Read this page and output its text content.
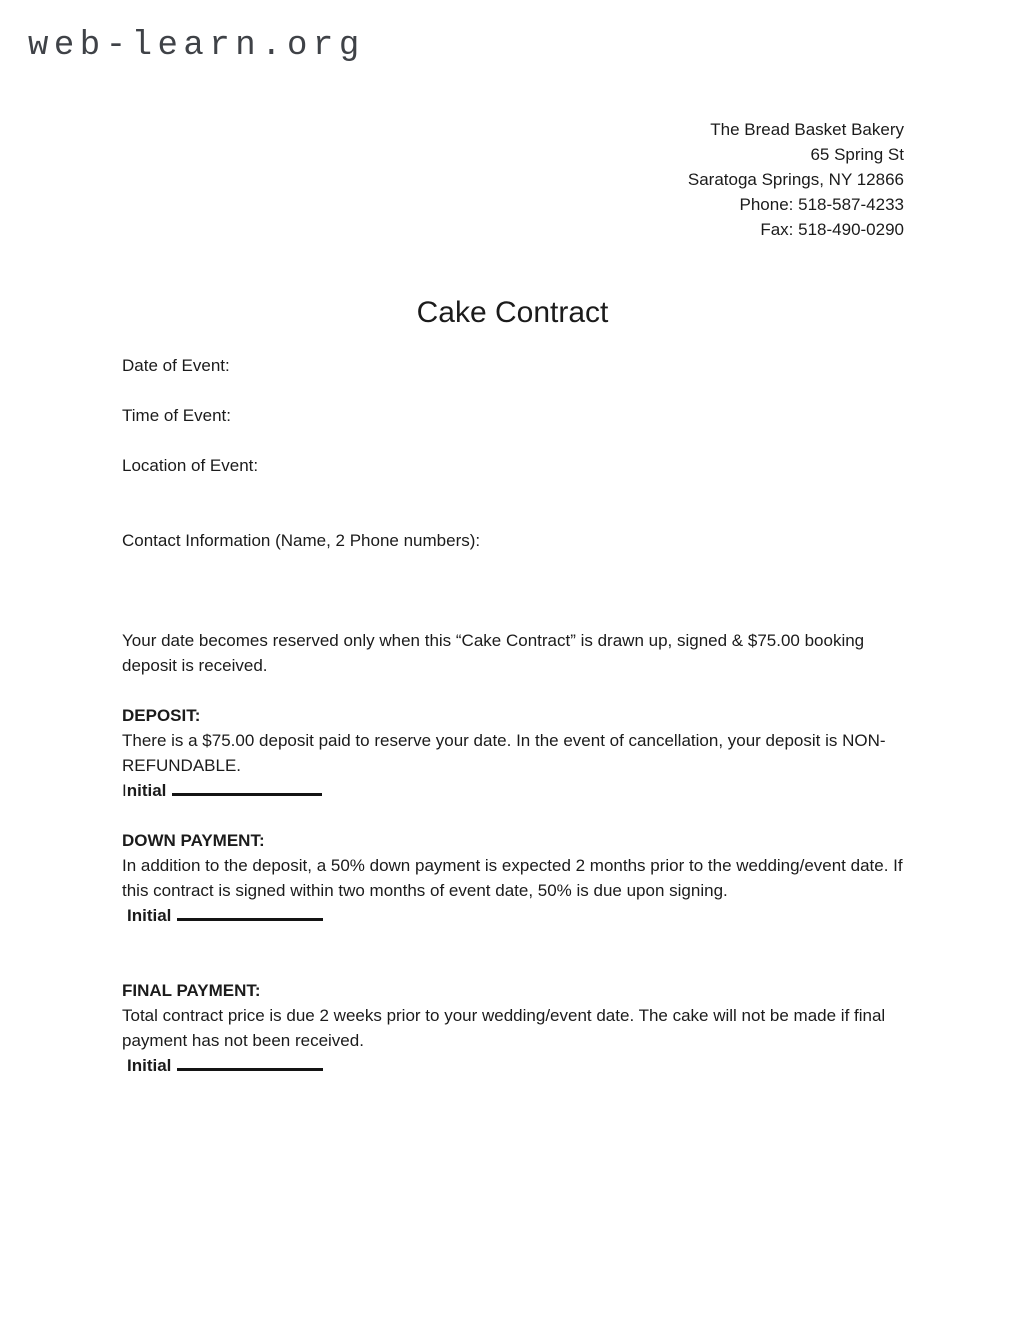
web-learn.org
The Bread Basket Bakery
65 Spring St
Saratoga Springs, NY 12866
Phone: 518-587-4233
Fax: 518-490-0290
Cake Contract
Date of Event:
Time of Event:
Location of Event:
Contact Information (Name, 2 Phone numbers):
Your date becomes reserved only when this “Cake Contract” is drawn up, signed & $75.00 booking
deposit is received.
DEPOSIT:
There is a $75.00 deposit paid to reserve your date. In the event of cancellation, your deposit is NON-
REFUNDABLE.
Initial
DOWN PAYMENT:
In addition to the deposit, a 50% down payment is expected 2 months prior to the wedding/event date. If
this contract is signed within two months of event date, 50% is due upon signing.
Initial
FINAL PAYMENT:
Total contract price is due 2 weeks prior to your wedding/event date. The cake will not be made if final
payment has not been received.
Initial
